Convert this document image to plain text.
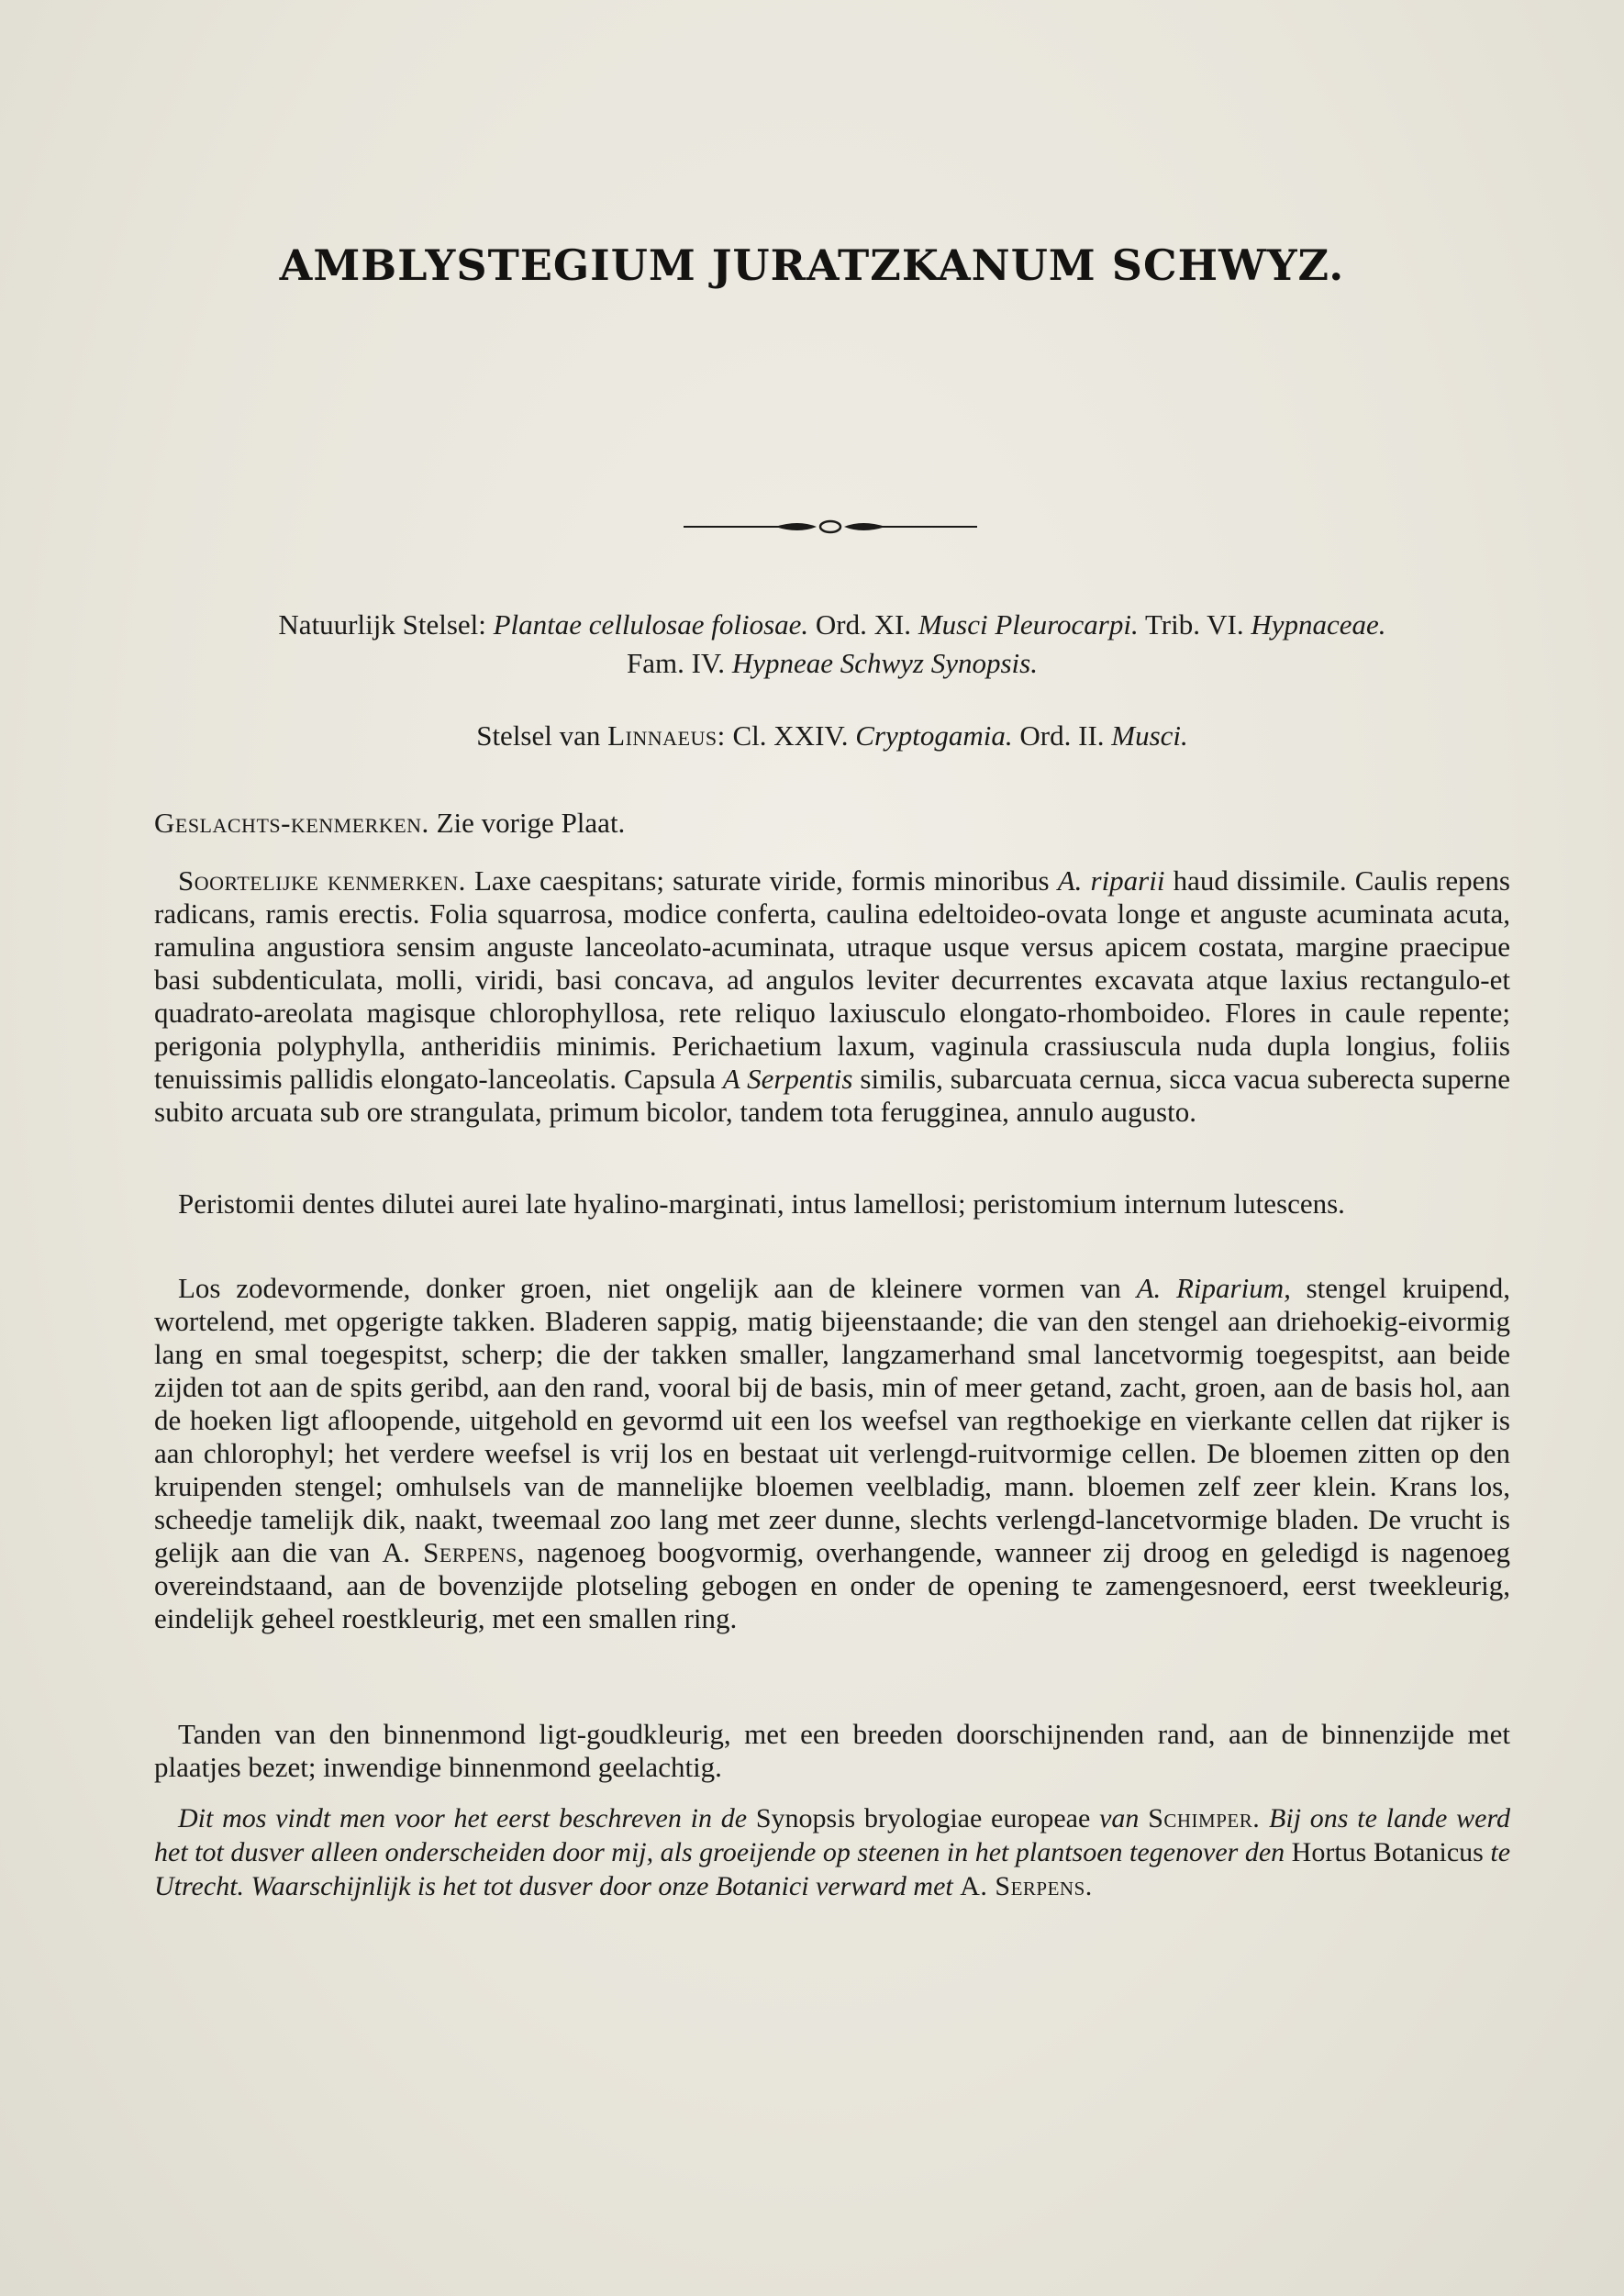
AMBLYSTEGIUM JURATZKANUM SCHWYZ.
Natuurlijk Stelsel: Plantae cellulosae foliosae. Ord. XI. Musci Pleurocarpi. Trib. VI. Hypnaceae.
Fam. IV. Hypneae Schwyz Synopsis.
Stelsel van Linnaeus: Cl. XXIV. Cryptogamia. Ord. II. Musci.
Geslachts-kenmerken. Zie vorige Plaat.
Soortelijke kenmerken. Laxe caespitans; saturate viride, formis minoribus A. riparii haud dissimile. Caulis repens radicans, ramis erectis. Folia squarrosa, modice conferta, caulina edeltoideo-ovata longe et anguste acuminata acuta, ramulina angustiora sensim anguste lanceolato-acuminata, utraque usque versus apicem costata, margine praecipue basi subdenticulata, molli, viridi, basi concava, ad angulos leviter decurrentes excavata atque laxius rectangulo-et quadrato-areolata magisque chlorophyllosa, rete reliquo laxiusculo elongato-rhomboideo. Flores in caule repente; perigonia polyphylla, antheridiis minimis. Perichaetium laxum, vaginula crassiuscula nuda dupla longius, foliis tenuissimis pallidis elongato-lanceolatis. Capsula A Serpentis similis, subarcuata cernua, sicca vacua suberecta superne subito arcuata sub ore strangulata, primum bicolor, tandem tota ferugginea, annulo augusto.
Peristomii dentes dilutei aurei late hyalino-marginati, intus lamellosi; peristomium internum lutescens.
Los zodevormende, donker groen, niet ongelijk aan de kleinere vormen van A. Riparium, stengel kruipend, wortelend, met opgerigte takken. Bladeren sappig, matig bijeenstaande; die van den stengel aan driehoekig-eivormig lang en smal toegespitst, scherp; die der takken smaller, langzamerhand smal lancetvormig toegespitst, aan beide zijden tot aan de spits geribd, aan den rand, vooral bij de basis, min of meer getand, zacht, groen, aan de basis hol, aan de hoeken ligt afloopende, uitgehold en gevormd uit een los weefsel van regthoekige en vierkante cellen dat rijker is aan chlorophyl; het verdere weefsel is vrij los en bestaat uit verlengd-ruitvormige cellen. De bloemen zitten op den kruipenden stengel; omhulsels van de mannelijke bloemen veelbladig, mann. bloemen zelf zeer klein. Krans los, scheedje tamelijk dik, naakt, tweemaal zoo lang met zeer dunne, slechts verlengd-lancetvormige bladen. De vrucht is gelijk aan die van A. Serpens, nagenoeg boogvormig, overhangende, wanneer zij droog en geledigd is nagenoeg overeindstaand, aan de bovenzijde plotseling gebogen en onder de opening te zamengesnoerd, eerst tweekleurig, eindelijk geheel roestkleurig, met een smallen ring.
Tanden van den binnenmond ligt-goudkleurig, met een breeden doorschijnenden rand, aan de binnenzijde met plaatjes bezet; inwendige binnenmond geelachtig.
Dit mos vindt men voor het eerst beschreven in de Synopsis bryologiae europeae van Schimper. Bij ons te lande werd het tot dusver alleen onderscheiden door mij, als groeijende op steenen in het plantsoen tegenover den Hortus Botanicus te Utrecht. Waarschijnlijk is het tot dusver door onze Botanici verward met A. Serpens.
